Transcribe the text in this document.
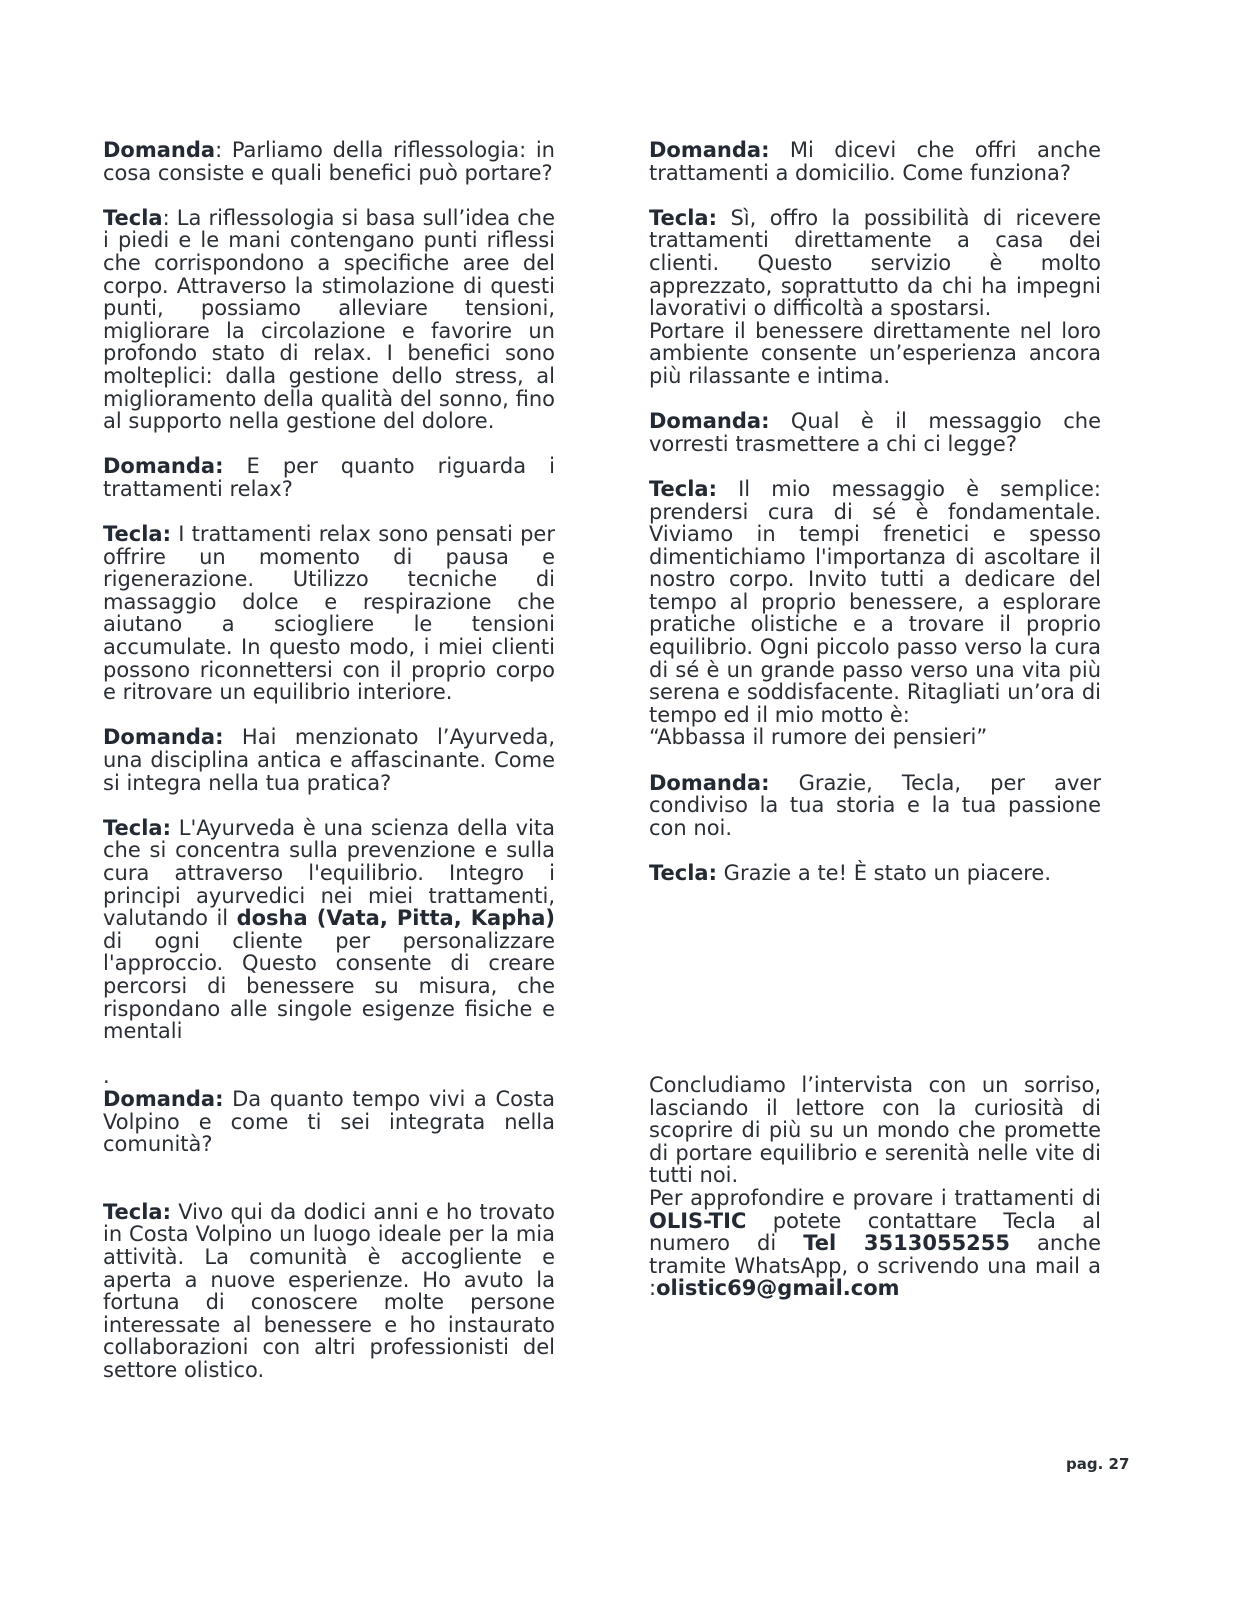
Domanda: Parliamo della riflessologia: in cosa consiste e quali benefici può portare?

Tecla: La riflessologia si basa sull’idea che i piedi e le mani contengano punti riflessi che corrispondono a specifiche aree del corpo. Attraverso la stimolazione di questi punti, possiamo alleviare tensioni, migliorare la circolazione e favorire un profondo stato di relax. I benefici sono molteplici: dalla gestione dello stress, al miglioramento della qualità del sonno, fino al supporto nella gestione del dolore.

Domanda: E per quanto riguarda i trattamenti relax?

Tecla: I trattamenti relax sono pensati per offrire un momento di pausa e rigenerazione. Utilizzo tecniche di massaggio dolce e respirazione che aiutano a sciogliere le tensioni accumulate. In questo modo, i miei clienti possono riconnettersi con il proprio corpo e ritrovare un equilibrio interiore.

Domanda: Hai menzionato l’Ayurveda, una disciplina antica e affascinante. Come si integra nella tua pratica?

Tecla: L'Ayurveda è una scienza della vita che si concentra sulla prevenzione e sulla cura attraverso l'equilibrio. Integro i principi ayurvedici nei miei trattamenti, valutando il dosha (Vata, Pitta, Kapha) di ogni cliente per personalizzare l'approccio. Questo consente di creare percorsi di benessere su misura, che rispondano alle singole esigenze fisiche e mentali

.

Domanda: Da quanto tempo vivi a Costa Volpino e come ti sei integrata nella comunità?

Tecla: Vivo qui da dodici anni e ho trovato in Costa Volpino un luogo ideale per la mia attività. La comunità è accogliente e aperta a nuove esperienze. Ho avuto la fortuna di conoscere molte persone interessate al benessere e ho instaurato collaborazioni con altri professionisti del settore olistico.

Domanda: Mi dicevi che offri anche trattamenti a domicilio. Come funziona?

Tecla: Sì, offro la possibilità di ricevere trattamenti direttamente a casa dei clienti. Questo servizio è molto apprezzato, soprattutto da chi ha impegni lavorativi o difficoltà a spostarsi.

Portare il benessere direttamente nel loro ambiente consente un’esperienza ancora più rilassante e intima.

Domanda: Qual è il messaggio che vorresti trasmettere a chi ci legge?

Tecla: Il mio messaggio è semplice: prendersi cura di sé è fondamentale. Viviamo in tempi frenetici e spesso dimentichiamo l'importanza di ascoltare il nostro corpo. Invito tutti a dedicare del tempo al proprio benessere, a esplorare pratiche olistiche e a trovare il proprio equilibrio. Ogni piccolo passo verso la cura di sé è un grande passo verso una vita più serena e soddisfacente. Ritagliati un’ora di tempo ed il mio motto è:

“Abbassa il rumore dei pensieri”

Domanda: Grazie, Tecla, per aver condiviso la tua storia e la tua passione con noi.

Tecla: Grazie a te! È stato un piacere.

Concludiamo l’intervista con un sorriso, lasciando il lettore con la curiosità di scoprire di più su un mondo che promette di portare equilibrio e serenità nelle vite di tutti noi.

Per approfondire e provare i trattamenti di OLIS-TIC potete contattare Tecla al numero di Tel 3513055255 anche tramite WhatsApp, o scrivendo una mail a :olistic69@gmail.com

pag. 27
